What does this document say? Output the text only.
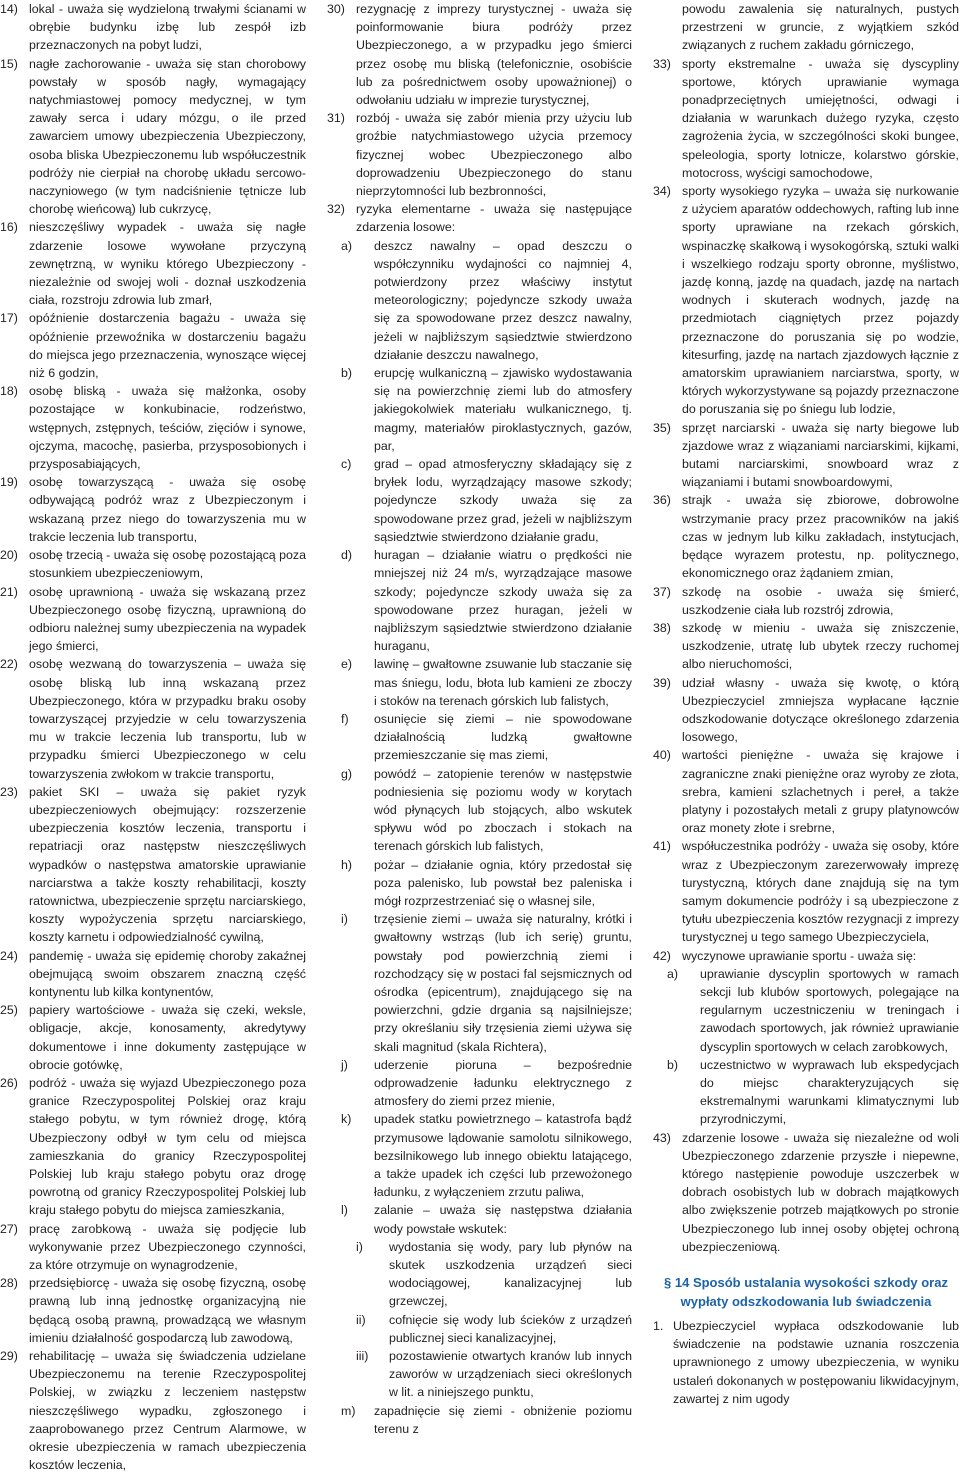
14) lokal - uważa się wydzieloną trwałymi ścianami w obrębie budynku izbę lub zespół izb przeznaczonych na pobyt ludzi,

15) nagłe zachorowanie - uważa się stan chorobowy powstały w sposób nagły, wymagający natychmiastowej pomocy medycznej, w tym zawały serca i udary mózgu, o ile przed zawarciem umowy ubezpieczenia Ubezpieczony, osoba bliska Ubezpieczonemu lub współuczestnik podróży nie cierpiał na chorobę układu sercowo-naczyniowego (w tym nadciśnienie tętnicze lub chorobę wieńcową) lub cukrzycę,

16) nieszczęśliwy wypadek - uważa się nagłe zdarzenie losowe wywołane przyczyną zewnętrzną, w wyniku którego Ubezpieczony - niezależnie od swojej woli - doznał uszkodzenia ciała, rozstroju zdrowia lub zmarł,

17) opóźnienie dostarczenia bagażu - uważa się opóźnienie przewoźnika w dostarczeniu bagażu do miejsca jego przeznaczenia, wynoszące więcej niż 6 godzin,

18) osobę bliską - uważa się małżonka, osoby pozostające w konkubinacie, rodzeństwo, wstępnych, zstępnych, teściów, zięciów i synowe, ojczyma, macochę, pasierba, przysposobionych i przysposabiających,

19) osobę towarzyszącą - uważa się osobę odbywającą podróż wraz z Ubezpieczonym i wskazaną przez niego do towarzyszenia mu w trakcie leczenia lub transportu,

20) osobę trzecią - uważa się osobę pozostającą poza stosunkiem ubezpieczeniowym,

21) osobę uprawnioną - uważa się wskazaną przez Ubezpieczonego osobę fizyczną, uprawnioną do odbioru należnej sumy ubezpieczenia na wypadek jego śmierci,

22) osobę wezwaną do towarzyszenia – uważa się osobę bliską lub inną wskazaną przez Ubezpieczonego, która w przypadku braku osoby towarzyszącej przyjedzie w celu towarzyszenia mu w trakcie leczenia lub transportu, lub w przypadku śmierci Ubezpieczonego w celu towarzyszenia zwłokom w trakcie transportu,

23) pakiet SKI – uważa się pakiet ryzyk ubezpieczeniowych obejmujący: rozszerzenie ubezpieczenia kosztów leczenia, transportu i repatriacji oraz następstw nieszczęśliwych wypadków o następstwa amatorskie uprawianie narciarstwa a także koszty rehabilitacji, koszty ratownictwa, ubezpieczenie sprzętu narciarskiego, koszty wypożyczenia sprzętu narciarskiego, koszty karnetu i odpowiedzialność cywilną,

24) pandemię - uważa się epidemię choroby zakaźnej obejmującą swoim obszarem znaczną część kontynentu lub kilka kontynentów,

25) papiery wartościowe - uważa się czeki, weksle, obligacje, akcje, konosamenty, akredytywy dokumentowe i inne dokumenty zastępujące w obrocie gotówkę,

26) podróż - uważa się wyjazd Ubezpieczonego poza granice Rzeczypospolitej Polskiej oraz kraju stałego pobytu, w tym również drogę, którą Ubezpieczony odbył w tym celu od miejsca zamieszkania do granicy Rzeczypospolitej Polskiej lub kraju stałego pobytu oraz drogę powrotną od granicy Rzeczypospolitej Polskiej lub kraju stałego pobytu do miejsca zamieszkania,

27) pracę zarobkową - uważa się podjęcie lub wykonywanie przez Ubezpieczonego czynności, za które otrzymuje on wynagrodzenie,

28) przedsiębiorcę - uważa się osobę fizyczną, osobę prawną lub inną jednostkę organizacyjną nie będącą osobą prawną, prowadzącą we własnym imieniu działalność gospodarczą lub zawodową,

29) rehabilitację – uważa się świadczenia udzielane Ubezpieczonemu na terenie Rzeczypospolitej Polskiej, w związku z leczeniem następstw nieszczęśliwego wypadku, zgłoszonego i zaaprobowanego przez Centrum Alarmowe, w okresie ubezpieczenia w ramach ubezpieczenia kosztów leczenia,

30) rezygnację z imprezy turystycznej - uważa się poinformowanie biura podróży przez Ubezpieczonego, a w przypadku jego śmierci przez osobę mu bliską (telefonicznie, osobiście lub za pośrednictwem osoby upoważnionej) o odwołaniu udziału w imprezie turystycznej,

31) rozbój - uważa się zabór mienia przy użyciu lub groźbie natychmiastowego użycia przemocy fizycznej wobec Ubezpieczonego albo doprowadzeniu Ubezpieczonego do stanu nieprzytomności lub bezbronności,

32) ryzyka elementarne - uważa się następujące zdarzenia losowe:

a) deszcz nawalny – opad deszczu o współczynniku wydajności co najmniej 4, potwierdzony przez właściwy instytut meteorologiczny; pojedyncze szkody uważa się za spowodowane przez deszcz nawalny, jeżeli w najbliższym sąsiedztwie stwierdzono działanie deszczu nawalnego,

b) erupcję wulkaniczną – zjawisko wydostawania się na powierzchnię ziemi lub do atmosfery jakiegokolwiek materiału wulkanicznego, tj. magmy, materiałów piroklastycznych, gazów, par,

c) grad – opad atmosferyczny składający się z bryłek lodu, wyrządzający masowe szkody; pojedyncze szkody uważa się za spowodowane przez grad, jeżeli w najbliższym sąsiedztwie stwierdzono działanie gradu,

d) huragan – działanie wiatru o prędkości nie mniejszej niż 24 m/s, wyrządzające masowe szkody; pojedyncze szkody uważa się za spowodowane przez huragan, jeżeli w najbliższym sąsiedztwie stwierdzono działanie huraganu,

e) lawinę – gwałtowne zsuwanie lub staczanie się mas śniegu, lodu, błota lub kamieni ze zboczy i stoków na terenach górskich lub falistych,

f) osunięcie się ziemi – nie spowodowane działalnością ludzką gwałtowne przemieszczanie się mas ziemi,

g) powódź – zatopienie terenów w następstwie podniesienia się poziomu wody w korytach wód płynących lub stojących, albo wskutek spływu wód po zboczach i stokach na terenach górskich lub falistych,

h) pożar – działanie ognia, który przedostał się poza palenisko, lub powstał bez paleniska i mógł rozprzestrzeniać się o własnej sile,

i) trzęsienie ziemi – uważa się naturalny, krótki i gwałtowny wstrząs (lub ich serię) gruntu, powstały pod powierzchnią ziemi i rozchodzący się w postaci fal sejsmicznych od ośrodka (epicentrum), znajdującego się na powierzchni, gdzie drgania są najsilniejsze; przy określaniu siły trzęsienia ziemi używa się skali magnitud (skala Richtera),

j) uderzenie pioruna – bezpośrednie odprowadzenie ładunku elektrycznego z atmosfery do ziemi przez mienie,

k) upadek statku powietrznego – katastrofa bądź przymusowe lądowanie samolotu silnikowego, bezsilnikowego lub innego obiektu latającego, a także upadek ich części lub przewożonego ładunku, z wyłączeniem zrzutu paliwa,

l) zalanie – uważa się następstwa działania wody powstałe wskutek:

i) wydostania się wody, pary lub płynów na skutek uszkodzenia urządzeń sieci wodociągowej, kanalizacyjnej lub grzewczej,

ii) cofnięcie się wody lub ścieków z urządzeń publicznej sieci kanalizacyjnej,

iii) pozostawienie otwartych kranów lub innych zaworów w urządzeniach sieci określonych w lit. a niniejszego punktu,

m) zapadnięcie się ziemi - obniżenie poziomu terenu z

powodu zawalenia się naturalnych, pustych przestrzeni w gruncie, z wyjątkiem szkód związanych z ruchem zakładu górniczego,

33) sporty ekstremalne - uważa się dyscypliny sportowe, których uprawianie wymaga ponadprzeciętnych umiejętności, odwagi i działania w warunkach dużego ryzyka, często zagrożenia życia, w szczególności skoki bungee, speleologia, sporty lotnicze, kolarstwo górskie, motocross, wyścigi samochodowe,

34) sporty wysokiego ryzyka – uważa się nurkowanie z użyciem aparatów oddechowych, rafting lub inne sporty uprawiane na rzekach górskich, wspinaczkę skałkową i wysokogórską, sztuki walki i wszelkiego rodzaju sporty obronne, myślistwo, jazdę konną, jazdę na quadach, jazdę na nartach wodnych i skuterach wodnych, jazdę na przedmiotach ciągniętych przez pojazdy przeznaczone do poruszania się po wodzie, kitesurfing, jazdę na nartach zjazdowych łącznie z amatorskim uprawianiem narciarstwa, sporty, w których wykorzystywane są pojazdy przeznaczone do poruszania się po śniegu lub lodzie,

35) sprzęt narciarski - uważa się narty biegowe lub zjazdowe wraz z wiązaniami narciarskimi, kijkami, butami narciarskimi, snowboard wraz z wiązaniami i butami snowboardowymi,

36) strajk - uważa się zbiorowe, dobrowolne wstrzymanie pracy przez pracowników na jakiś czas w jednym lub kilku zakładach, instytucjach, będące wyrazem protestu, np. politycznego, ekonomicznego oraz żądaniem zmian,

37) szkodę na osobie - uważa się śmierć, uszkodzenie ciała lub rozstrój zdrowia,

38) szkodę w mieniu - uważa się zniszczenie, uszkodzenie, utratę lub ubytek rzeczy ruchomej albo nieruchomości,

39) udział własny - uważa się kwotę, o którą Ubezpieczyciel zmniejsza wypłacane łącznie odszkodowanie dotyczące określonego zdarzenia losowego,

40) wartości pieniężne - uważa się krajowe i zagraniczne znaki pieniężne oraz wyroby ze złota, srebra, kamieni szlachetnych i pereł, a także platyny i pozostałych metali z grupy platynowców oraz monety złote i srebrne,

41) współuczestnika podróży - uważa się osoby, które wraz z Ubezpieczonym zarezerwowały imprezę turystyczną, których dane znajdują się na tym samym dokumencie podróży i są ubezpieczone z tytułu ubezpieczenia kosztów rezygnacji z imprezy turystycznej u tego samego Ubezpieczyciela,

42) wyczynowe uprawianie sportu - uważa się:

a) uprawianie dyscyplin sportowych w ramach sekcji lub klubów sportowych, polegające na regularnym uczestniczeniu w treningach i zawodach sportowych, jak również uprawianie dyscyplin sportowych w celach zarobkowych,

b) uczestnictwo w wyprawach lub ekspedycjach do miejsc charakteryzujących się ekstremalnymi warunkami klimatycznymi lub przyrodniczymi,

43) zdarzenie losowe - uważa się niezależne od woli Ubezpieczonego zdarzenie przyszłe i niepewne, którego następienie powoduje uszczerbek w dobrach osobistych lub w dobrach majątkowych albo zwiększenie potrzeb majątkowych po stronie Ubezpieczonego lub innej osoby objętej ochroną ubezpieczeniową.

§ 14 Sposób ustalania wysokości szkody oraz wypłaty odszkodowania lub świadczenia

1. Ubezpieczyciel wypłaca odszkodowanie lub świadczenie na podstawie uznania roszczenia uprawnionego z umowy ubezpieczenia, w wyniku ustaleń dokonanych w postępowaniu likwidacyjnym, zawartej z nim ugody
